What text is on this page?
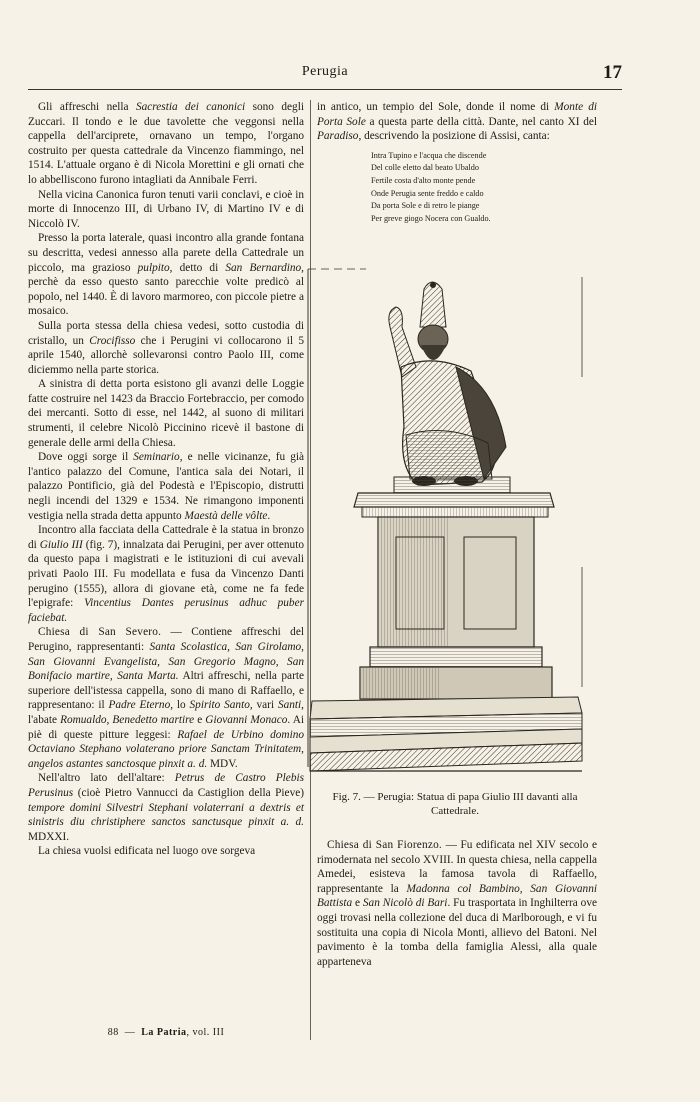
Perugia	17

Gli affreschi nella Sacrestia dei canonici sono degli Zuccari. Il tondo e le due tavolette che veggonsi nella cappella dell'arciprete, ornavano un tempo, l'organo costruito per questa cattedrale da Vincenzo fiammingo, nel 1514. L'attuale organo è di Nicola Morettini e gli ornati che lo abbelliscono furono intagliati da Annibale Ferri.

Nella vicina Canonica furon tenuti varii conclavi, e cioè in morte di Innocenzo III, di Urbano IV, di Martino IV e di Niccolò IV.

Presso la porta laterale, quasi incontro alla grande fontana su descritta, vedesi annesso alla parete della Cattedrale un piccolo, ma grazioso pulpito, detto di San Bernardino, perchè da esso questo santo parecchie volte predicò al popolo, nel 1440. È di lavoro marmoreo, con piccole pietre a mosaico.

Sulla porta stessa della chiesa vedesi, sotto custodia di cristallo, un Crocifisso che i Perugini vi collocarono il 5 aprile 1540, allorchè sollevaronsi contro Paolo III, come diciemmo nella parte storica.

A sinistra di detta porta esistono gli avanzi delle Loggie fatte costruire nel 1423 da Braccio Fortebraccio, per comodo dei mercanti. Sotto di esse, nel 1442, al suono di militari strumenti, il celebre Nicolò Piccinino ricevè il bastone di generale delle armi della Chiesa.

Dove oggi sorge il Seminario, e nelle vicinanze, fu già l'antico palazzo del Comune, l'antica sala dei Notari, il palazzo Pontificio, già del Podestà e l'Episcopio, distrutti negli incendi del 1329 e 1534. Ne rimangono imponenti vestigia nella strada detta appunto Maestà delle vôlte.

Incontro alla facciata della Cattedrale è la statua in bronzo di Giulio III (fig. 7), innalzata dai Perugini, per aver ottenuto da questo papa i magistrati e le istituzioni di cui avevali privati Paolo III. Fu modellata e fusa da Vincenzo Danti perugino (1555), allora di giovane età, come ne fa fede l'epigrafe: Vincentius Dantes perusinus adhuc puber faciebat.

Chiesa di San Severo. — Contiene affreschi del Perugino, rappresentanti: Santa Scolastica, San Girolamo, San Giovanni Evangelista, San Gregorio Magno, San Bonifacio martire, Santa Marta. Altri affreschi, nella parte superiore dell'istessa cappella, sono di mano di Raffaello, e rappresentano: il Padre Eterno, lo Spirito Santo, vari Santi, l'abate Romualdo, Benedetto martire e Giovanni Monaco. Ai piè di queste pitture leggesi: Rafael de Urbino domino Octaviano Stephano volaterano priore Sanctam Trinitatem, angelos astantes sanctosque pinxit a. d. MDV.

Nell'altro lato dell'altare: Petrus de Castro Plebis Perusinus (cioè Pietro Vannucci da Castiglion della Pieve) tempore domini Silvestri Stephani volaterrani a dextris et sinistris diu christiphere sanctos sanctusque pinxit a. d. MDXXI.

La chiesa vuolsi edificata nel luogo ove sorgeva

in antico, un tempio del Sole, donde il nome di Monte di Porta Sole a questa parte della città. Dante, nel canto XI del Paradiso, descrivendo la posizione di Assisi, canta:

Intra Tupino e l'acqua che discende
Del colle eletto dal beato Ubaldo
Fertile costa d'alto monte pende
Onde Perugia sente freddo e caldo
Da porta Sole e di retro le piange
Per greve giogo Nocera con Gualdo.
Fig. 7. — Perugia: Statua di papa Giulio III davanti alla Cattedrale.

Chiesa di San Fiorenzo. — Fu edificata nel XIV secolo e rimodernata nel secolo XVIII. In questa chiesa, nella cappella Amedei, esisteva la famosa tavola di Raffaello, rappresentante la Madonna col Bambino, San Giovanni Battista e San Nicolò di Bari. Fu trasportata in Inghilterra ove oggi trovasi nella collezione del duca di Marlborough, e vi fu sostituita una copia di Nicola Monti, allievo del Batoni. Nel pavimento è la tomba della famiglia Alessi, alla quale apparteneva

88  —  La Patria, vol. III
